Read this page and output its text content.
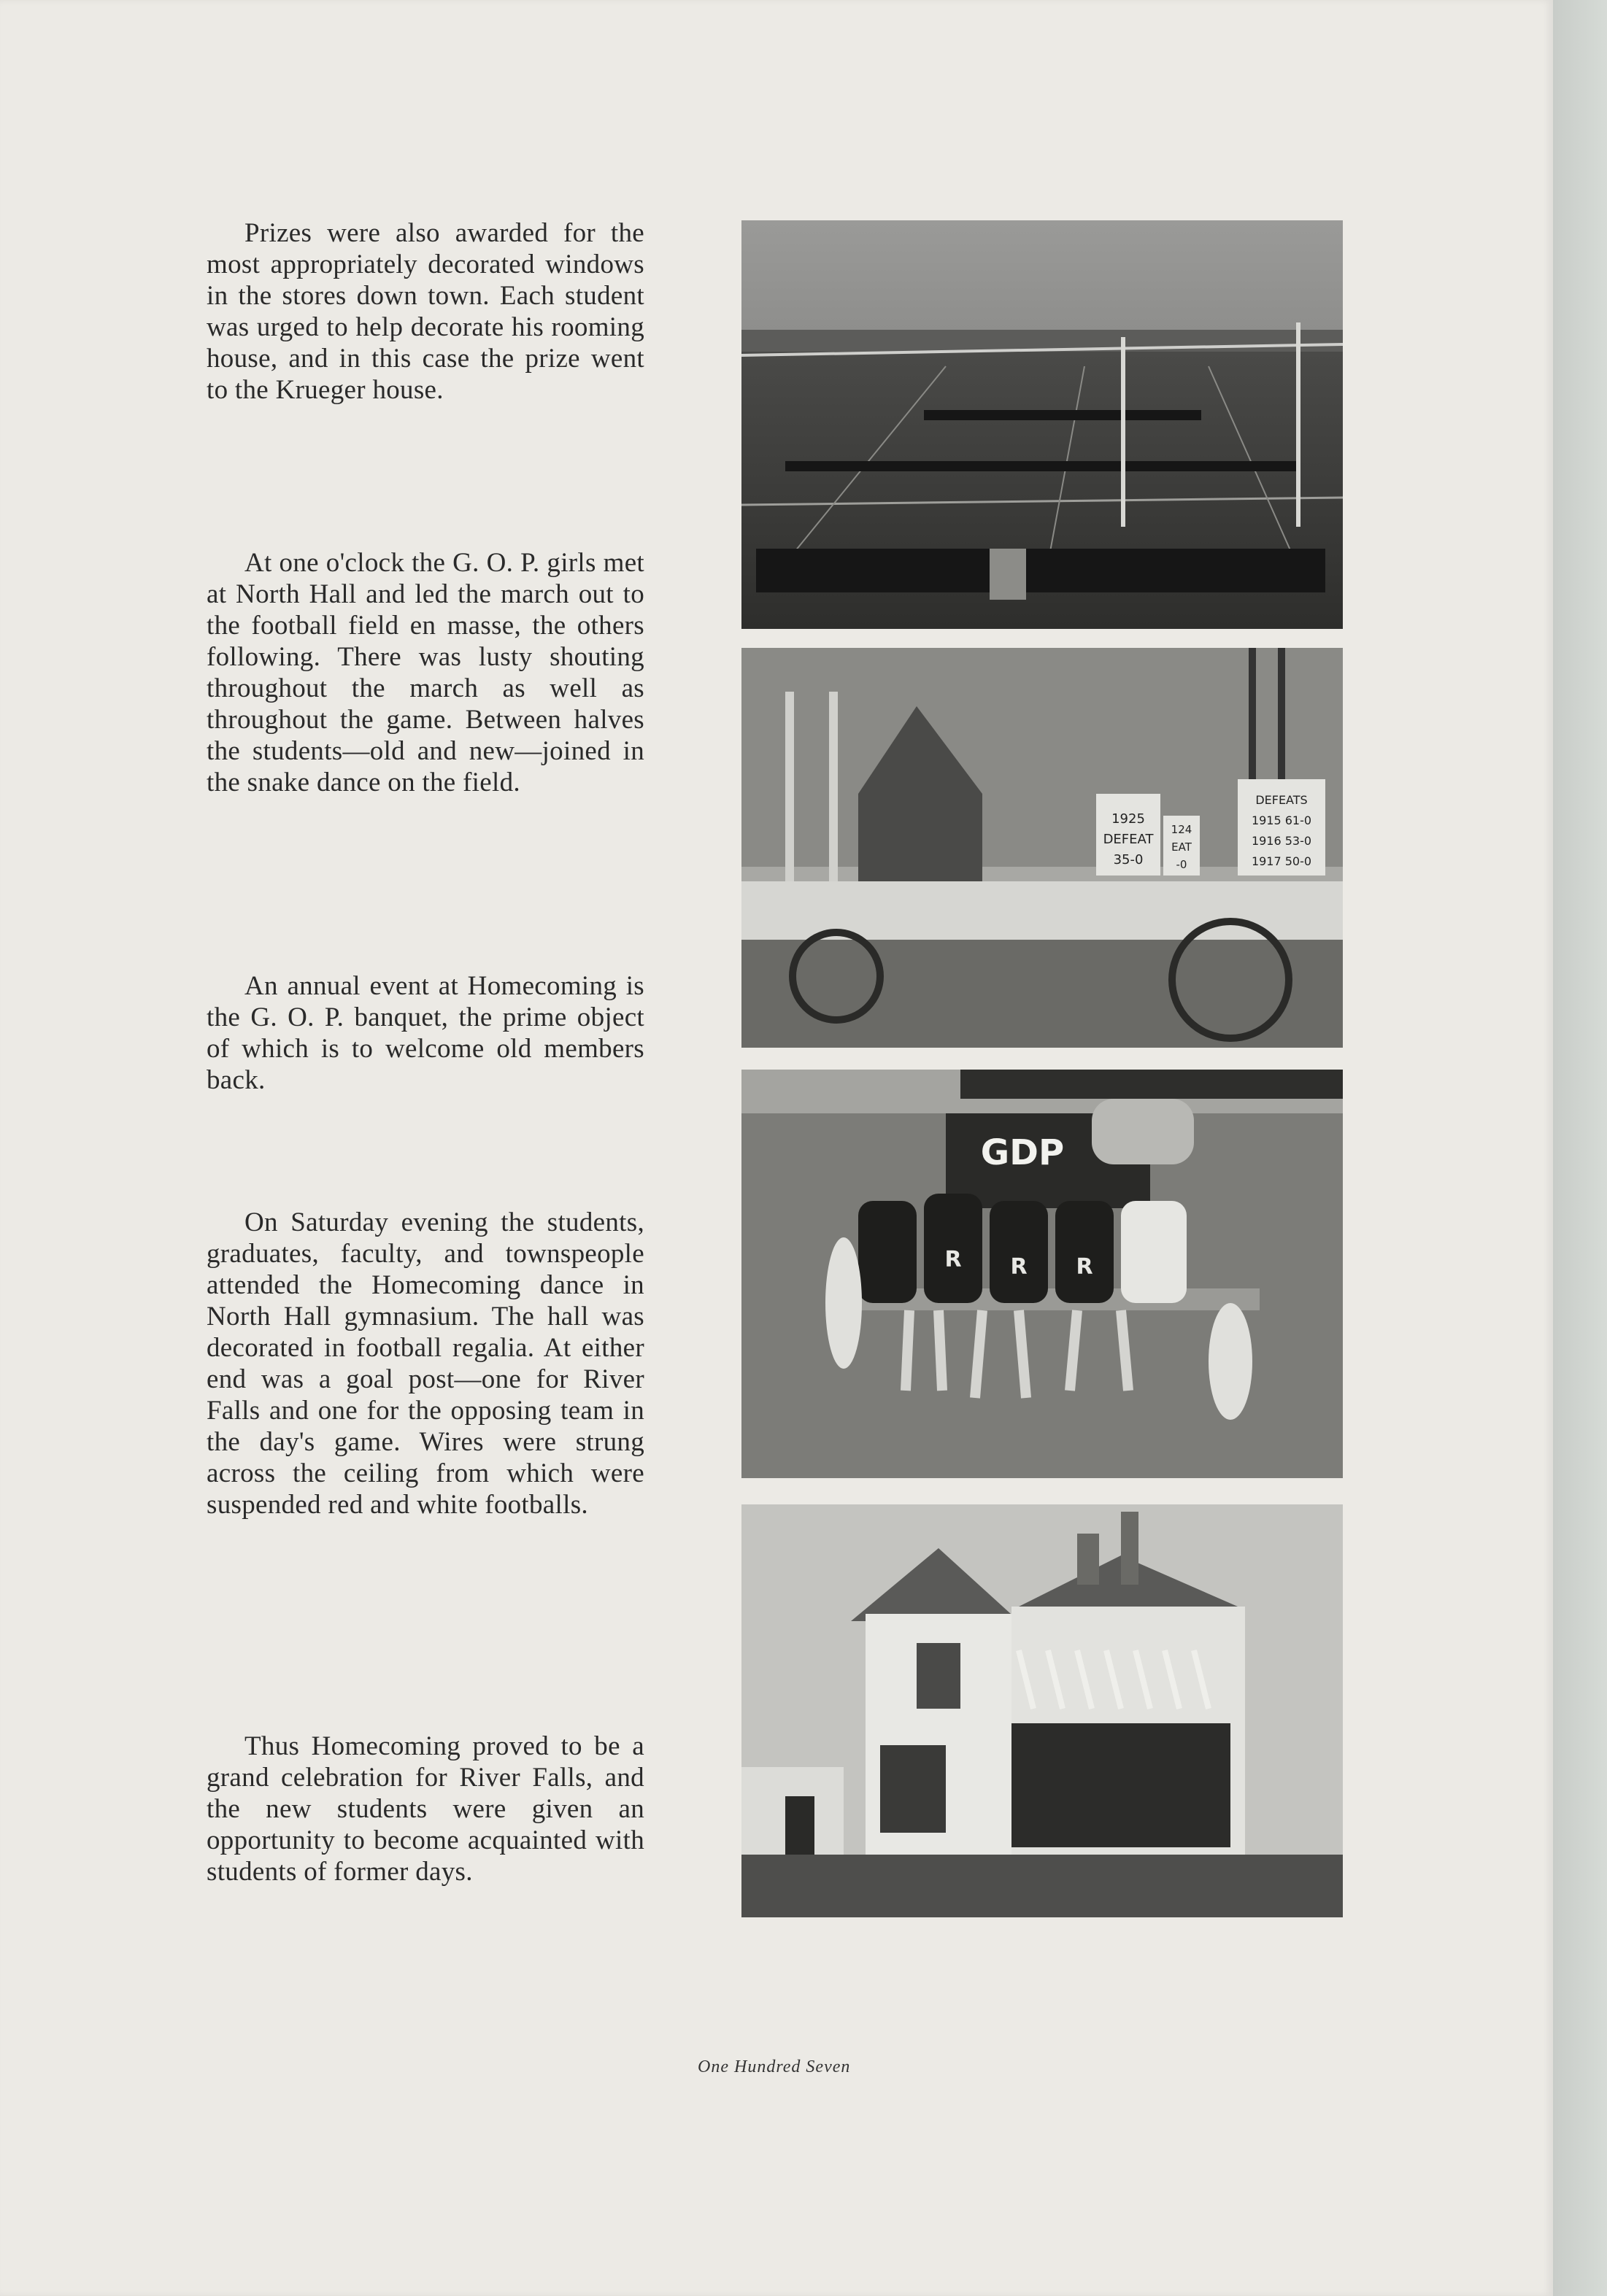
Prizes were also awarded for the most appropriately decorated windows in the stores down town. Each student was urged to help decorate his rooming house, and in this case the prize went to the Krueger house.
At one o'clock the G. O. P. girls met at North Hall and led the march out to the football field en masse, the others following. There was lusty shouting throughout the march as well as throughout the game. Between halves the students—old and new—joined in the snake dance on the field.
An annual event at Homecoming is the G. O. P. banquet, the prime object of which is to welcome old members back.
On Saturday evening the students, graduates, faculty, and townspeople attended the Homecoming dance in North Hall gymnasium. The hall was decorated in football regalia. At either end was a goal post—one for River Falls and one for the opposing team in the day's game. Wires were strung across the ceiling from which were suspended red and white footballs.
Thus Homecoming proved to be a grand celebration for River Falls, and the new students were given an opportunity to become acquainted with students of former days.
1925
DEFEAT
35-0
124
EAT
-0
DEFEATS
1915 61-0
1916 53-0
1917 50-0
GDP
R R R
One Hundred Seven
